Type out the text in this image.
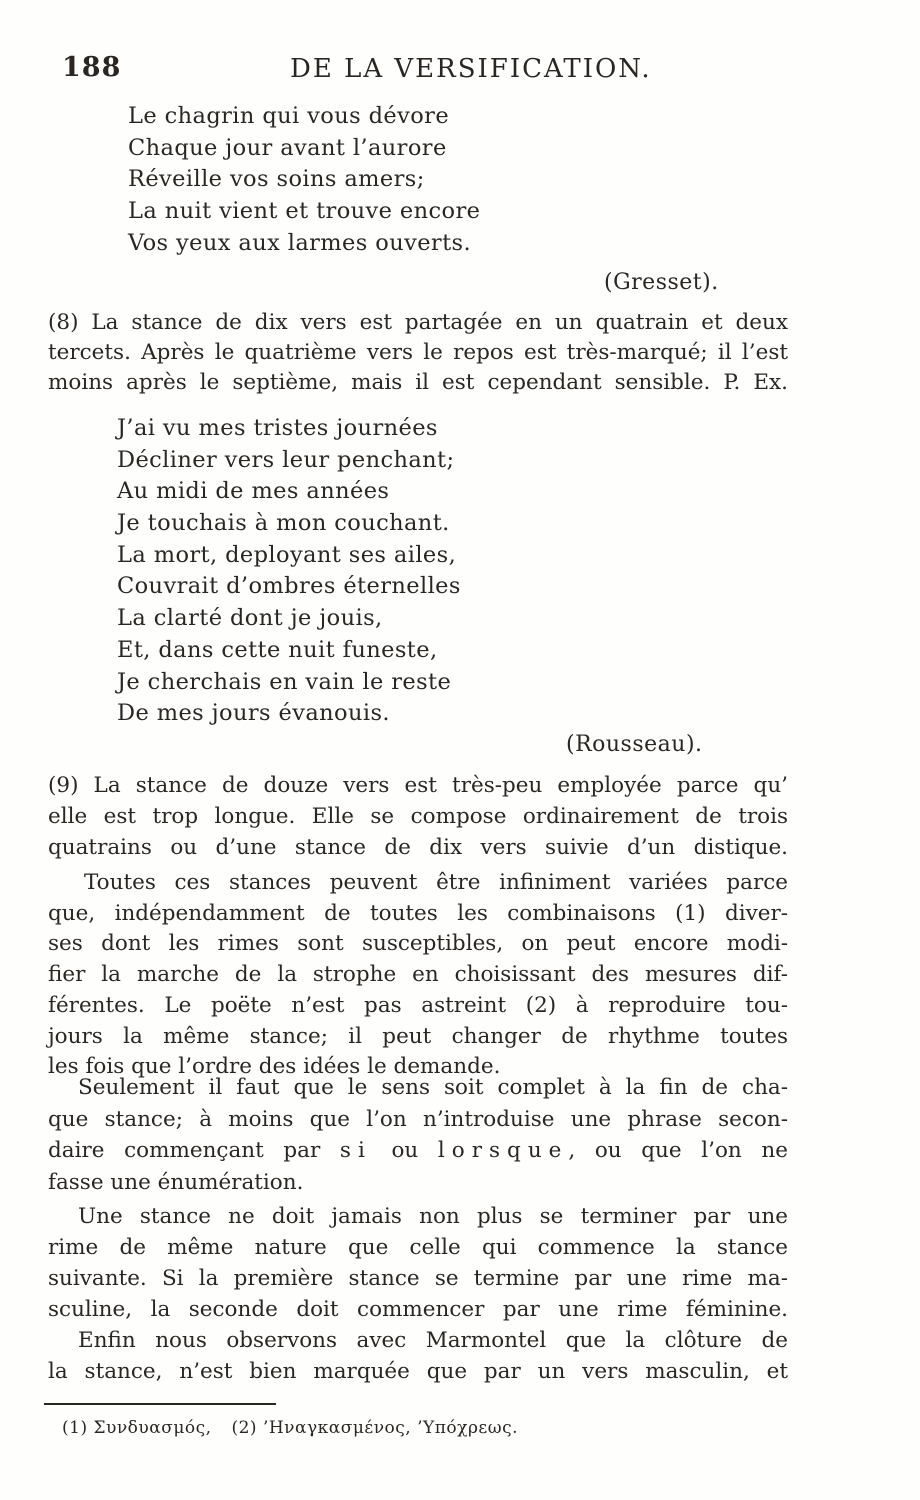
188	DE LA VERSIFICATION.
Le chagrin qui vous dévore
Chaque jour avant l’aurore
Réveille vos soins amers;
La nuit vient et trouve encore
Vos yeux aux larmes ouverts.
(Gresset).
(8) La stance de dix vers est partagée en un quatrain et deux
tercets. Après le quatrième vers le repos est très-marqué; il l’est
moins après le septième, mais il est cependant sensible. P. Ex.
J’ai vu mes tristes journées
Décliner vers leur penchant;
Au midi de mes années
Je touchais à mon couchant.
La mort, deployant ses ailes,
Couvrait d’ombres éternelles
La clarté dont je jouis,
Et, dans cette nuit funeste,
Je cherchais en vain le reste
De mes jours évanouis.
(Rousseau).
(9) La stance de douze vers est très-peu employée parce qu’
elle est trop longue. Elle se compose ordinairement de trois
quatrains ou d’une stance de dix vers suivie d’un distique.
Toutes ces stances peuvent être infiniment variées parce
que, indépendamment de toutes les combinaisons (1) diver-
ses dont les rimes sont susceptibles, on peut encore modi-
fier la marche de la strophe en choisissant des mesures dif-
férentes. Le poëte n’est pas astreint (2) à reproduire tou-
jours la même stance; il peut changer de rhythme toutes
les fois que l’ordre des idées le demande.
Seulement il faut que le sens soit complet à la fin de cha-
que stance; à moins que l’on n’introduise une phrase secon-
daire commençant par si ou lorsque, ou que l’on ne
fasse une énumération.
Une stance ne doit jamais non plus se terminer par une
rime de même nature que celle qui commence la stance
suivante. Si la première stance se termine par une rime ma-
sculine, la seconde doit commencer par une rime féminine.
Enfin nous observons avec Marmontel que la clôture de
la stance, n’est bien marquée que par un vers masculin, et
(1) Συνδυασμός, (2) ’Ηναγκασμένος, ’Υπόχρεως.
